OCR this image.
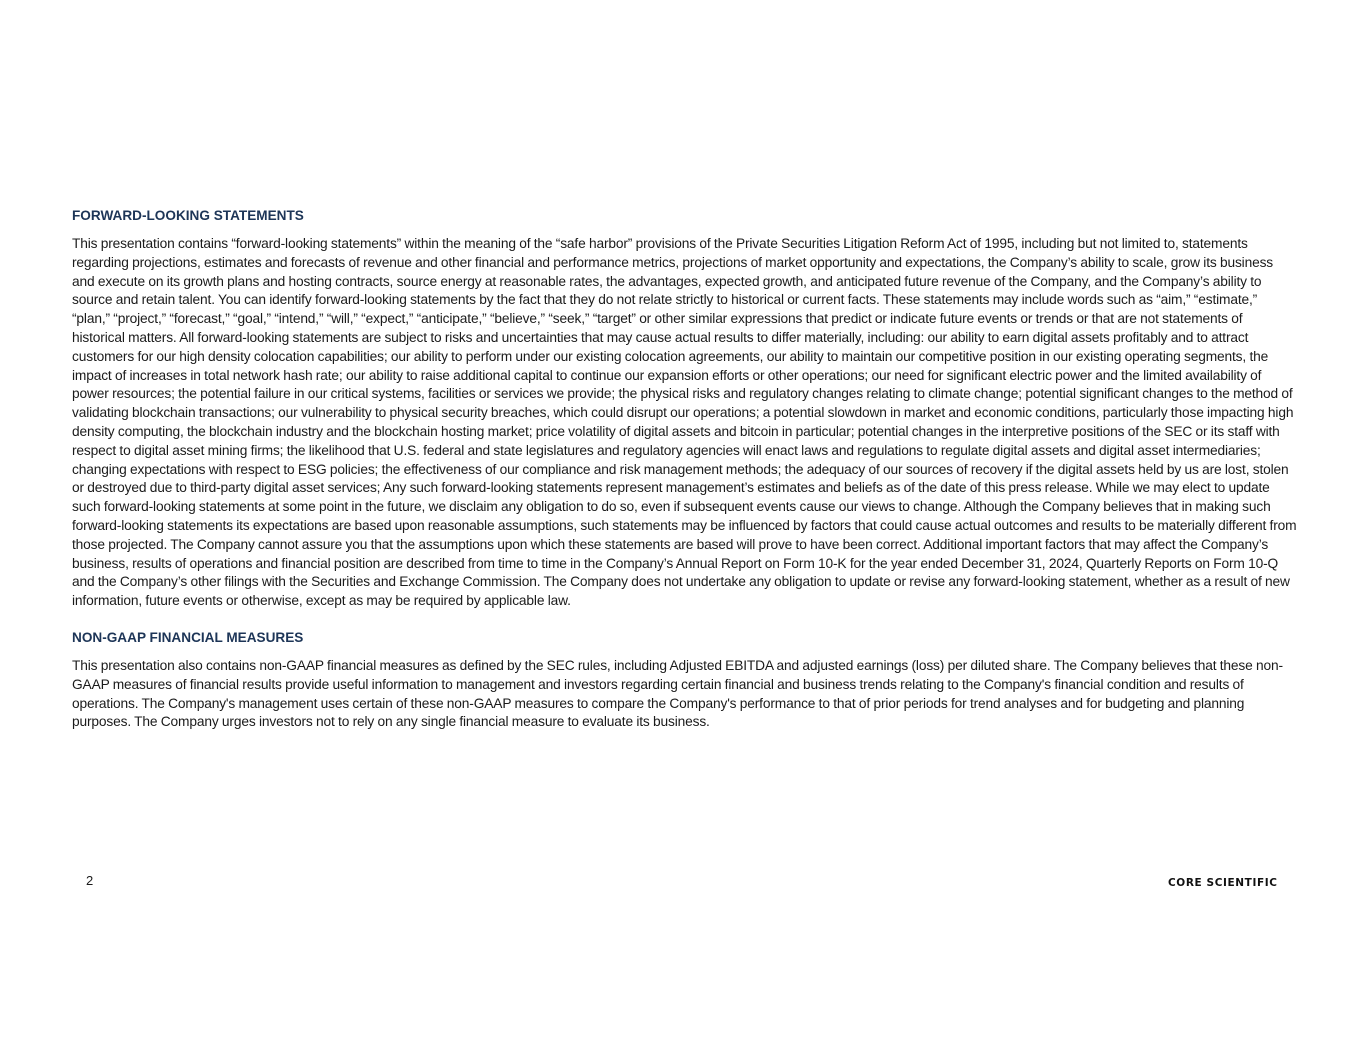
FORWARD-LOOKING STATEMENTS

This presentation contains “forward-looking statements” within the meaning of the “safe harbor” provisions of the Private Securities Litigation Reform Act of 1995, including but not limited to, statements regarding projections, estimates and forecasts of revenue and other financial and performance metrics, projections of market opportunity and expectations, the Company’s ability to scale, grow its business and execute on its growth plans and hosting contracts, source energy at reasonable rates, the advantages, expected growth, and anticipated future revenue of the Company, and the Company’s ability to source and retain talent. You can identify forward-looking statements by the fact that they do not relate strictly to historical or current facts. These statements may include words such as “aim,” “estimate,” “plan,” “project,” “forecast,” “goal,” “intend,” “will,” “expect,” “anticipate,” “believe,” “seek,” “target” or other similar expressions that predict or indicate future events or trends or that are not statements of historical matters. All forward-looking statements are subject to risks and uncertainties that may cause actual results to differ materially, including: our ability to earn digital assets profitably and to attract customers for our high density colocation capabilities; our ability to perform under our existing colocation agreements, our ability to maintain our competitive position in our existing operating segments, the impact of increases in total network hash rate; our ability to raise additional capital to continue our expansion efforts or other operations; our need for significant electric power and the limited availability of power resources; the potential failure in our critical systems, facilities or services we provide; the physical risks and regulatory changes relating to climate change; potential significant changes to the method of validating blockchain transactions; our vulnerability to physical security breaches, which could disrupt our operations; a potential slowdown in market and economic conditions, particularly those impacting high density computing, the blockchain industry and the blockchain hosting market; price volatility of digital assets and bitcoin in particular; potential changes in the interpretive positions of the SEC or its staff with respect to digital asset mining firms; the likelihood that U.S. federal and state legislatures and regulatory agencies will enact laws and regulations to regulate digital assets and digital asset intermediaries; changing expectations with respect to ESG policies; the effectiveness of our compliance and risk management methods; the adequacy of our sources of recovery if the digital assets held by us are lost, stolen or destroyed due to third-party digital asset services; Any such forward-looking statements represent management’s estimates and beliefs as of the date of this press release. While we may elect to update such forward-looking statements at some point in the future, we disclaim any obligation to do so, even if subsequent events cause our views to change. Although the Company believes that in making such forward-looking statements its expectations are based upon reasonable assumptions, such statements may be influenced by factors that could cause actual outcomes and results to be materially different from those projected. The Company cannot assure you that the assumptions upon which these statements are based will prove to have been correct. Additional important factors that may affect the Company’s business, results of operations and financial position are described from time to time in the Company’s Annual Report on Form 10-K for the year ended December 31, 2024, Quarterly Reports on Form 10-Q and the Company’s other filings with the Securities and Exchange Commission. The Company does not undertake any obligation to update or revise any forward-looking statement, whether as a result of new information, future events or otherwise, except as may be required by applicable law.

NON-GAAP FINANCIAL MEASURES

This presentation also contains non-GAAP financial measures as defined by the SEC rules, including Adjusted EBITDA and adjusted earnings (loss) per diluted share. The Company believes that these non-GAAP measures of financial results provide useful information to management and investors regarding certain financial and business trends relating to the Company's financial condition and results of operations. The Company's management uses certain of these non-GAAP measures to compare the Company's performance to that of prior periods for trend analyses and for budgeting and planning purposes. The Company urges investors not to rely on any single financial measure to evaluate its business.

2	CORE SCIENTIFIC
